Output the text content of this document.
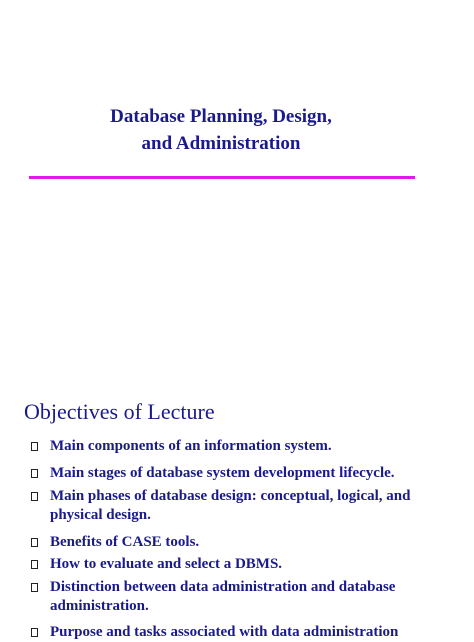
Database Planning, Design,
and Administration
Objectives of Lecture
Main components of an information system.
Main stages of database system development lifecycle.
Main phases of database design: conceptual, logical, and physical design.
Benefits of CASE tools.
How to evaluate and select a DBMS.
Distinction between data administration and database administration.
Purpose and tasks associated with data administration
